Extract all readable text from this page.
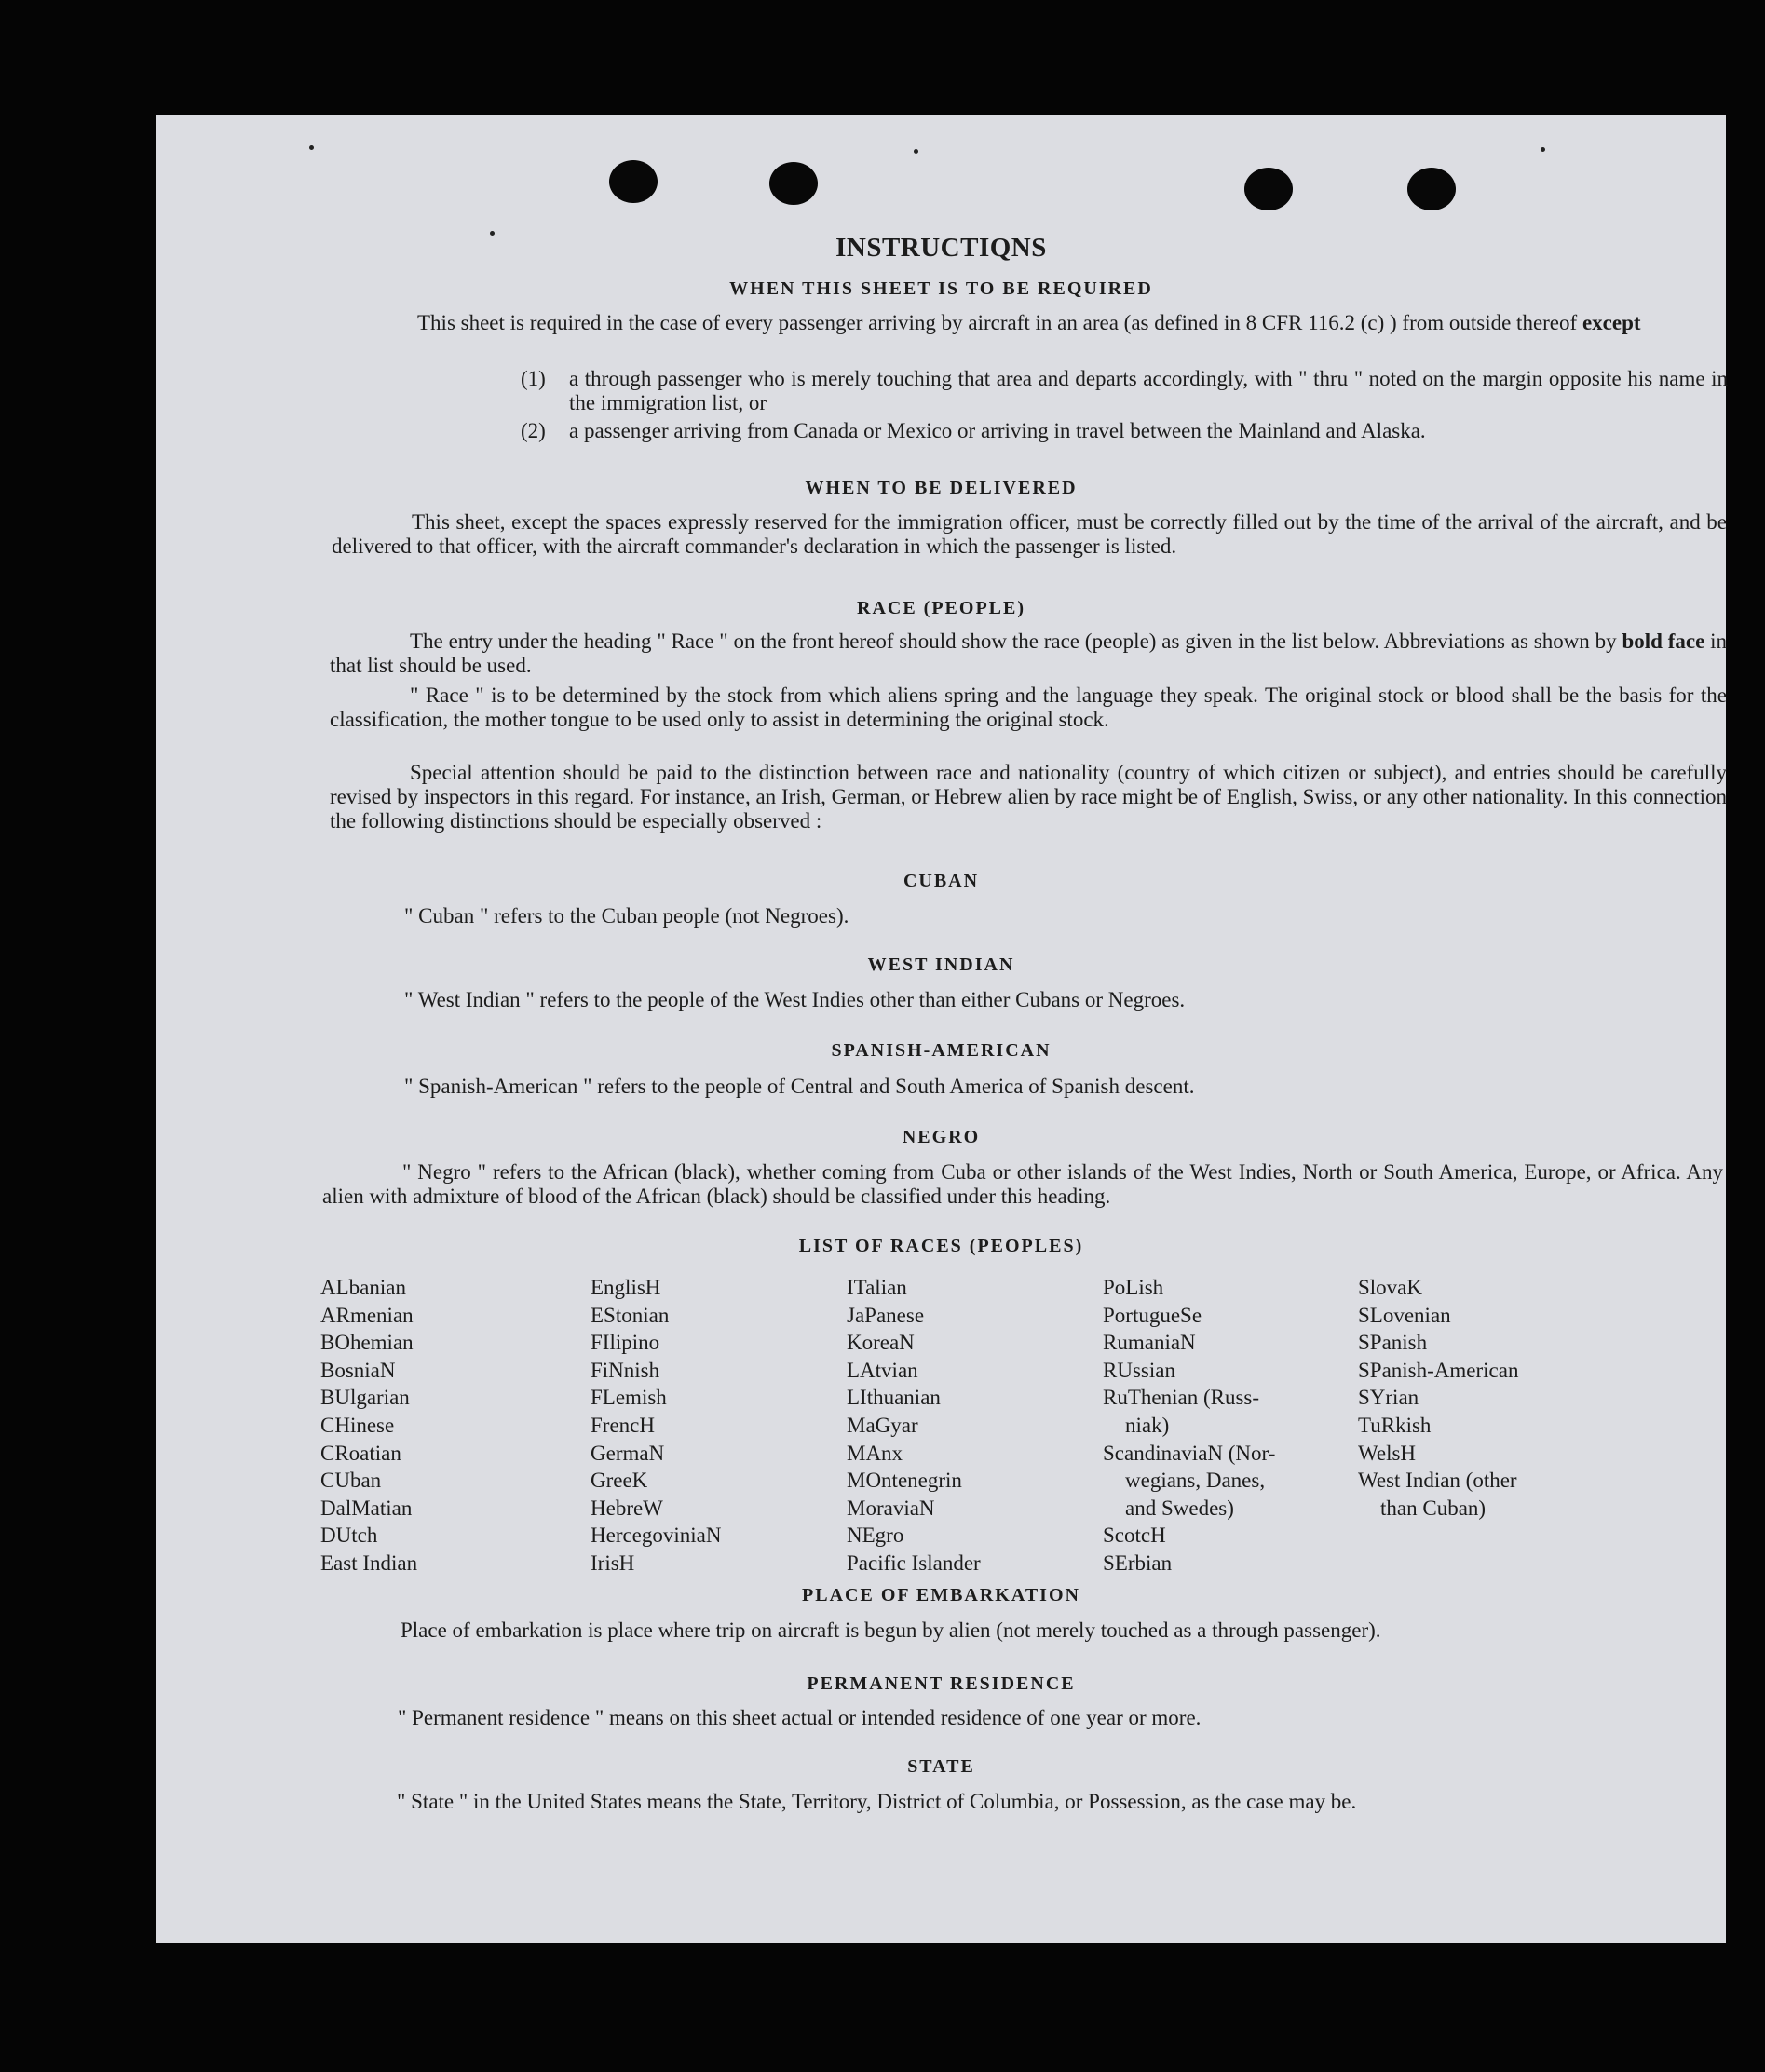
INSTRUCTIQNS
WHEN THIS SHEET IS TO BE REQUIRED

This sheet is required in the case of every passenger arriving by aircraft in an area (as defined in 8 CFR 116.2 (c) ) from outside thereof except

(1) a through passenger who is merely touching that area and departs accordingly, with " thru " noted on the margin opposite his name in the immigration list, or
(2) a passenger arriving from Canada or Mexico or arriving in travel between the Mainland and Alaska.
WHEN TO BE DELIVERED

This sheet, except the spaces expressly reserved for the immigration officer, must be correctly filled out by the time of the arrival of the aircraft, and be delivered to that officer, with the aircraft commander's declaration in which the passenger is listed.

RACE (PEOPLE)

The entry under the heading " Race " on the front hereof should show the race (people) as given in the list below. Abbreviations as shown by bold face in that list should be used.

" Race " is to be determined by the stock from which aliens spring and the language they speak. The original stock or blood shall be the basis for the classification, the mother tongue to be used only to assist in determining the original stock.

Special attention should be paid to the distinction between race and nationality (country of which citizen or subject), and entries should be carefully revised by inspectors in this regard. For instance, an Irish, German, or Hebrew alien by race might be of English, Swiss, or any other nationality. In this connection the following distinctions should be especially observed :

CUBAN

" Cuban " refers to the Cuban people (not Negroes).

WEST INDIAN

" West Indian " refers to the people of the West Indies other than either Cubans or Negroes.

SPANISH-AMERICAN

" Spanish-American " refers to the people of Central and South America of Spanish descent.

NEGRO

" Negro " refers to the African (black), whether coming from Cuba or other islands of the West Indies, North or South America, Europe, or Africa. Any alien with admixture of blood of the African (black) should be classified under this heading.

LIST OF RACES (PEOPLES)
ALbanian
ARmenian
BOhemian
BosniaN
BUlgarian
CHinese
CRoatian
CUban
DalMatian
DUtch
East Indian
EnglisH
EStonian
FIlipino
FiNnish
FLemish
FrencH
GermaN
GreeK
HebreW
HercegoviniaN
IrisH
ITalian
JaPanese
KoreaN
LAtvian
LIthuanian
MaGyar
MAnx
MOntenegrin
MoraviaN
NEgro
Pacific Islander
PoLish
PortugueSe
RumaniaN
RUssian
RuThenian (Russ-
niak)
ScandinaviaN (Nor-
wegians, Danes,
and Swedes)
ScotcH
SErbian
SlovaK
SLovenian
SPanish
SPanish-American
SYrian
TuRkish
WelsH
West Indian (other
than Cuban)
PLACE OF EMBARKATION

Place of embarkation is place where trip on aircraft is begun by alien (not merely touched as a through passenger).

PERMANENT RESIDENCE

" Permanent residence " means on this sheet actual or intended residence of one year or more.

STATE

" State " in the United States means the State, Territory, District of Columbia, or Possession, as the case may be.
